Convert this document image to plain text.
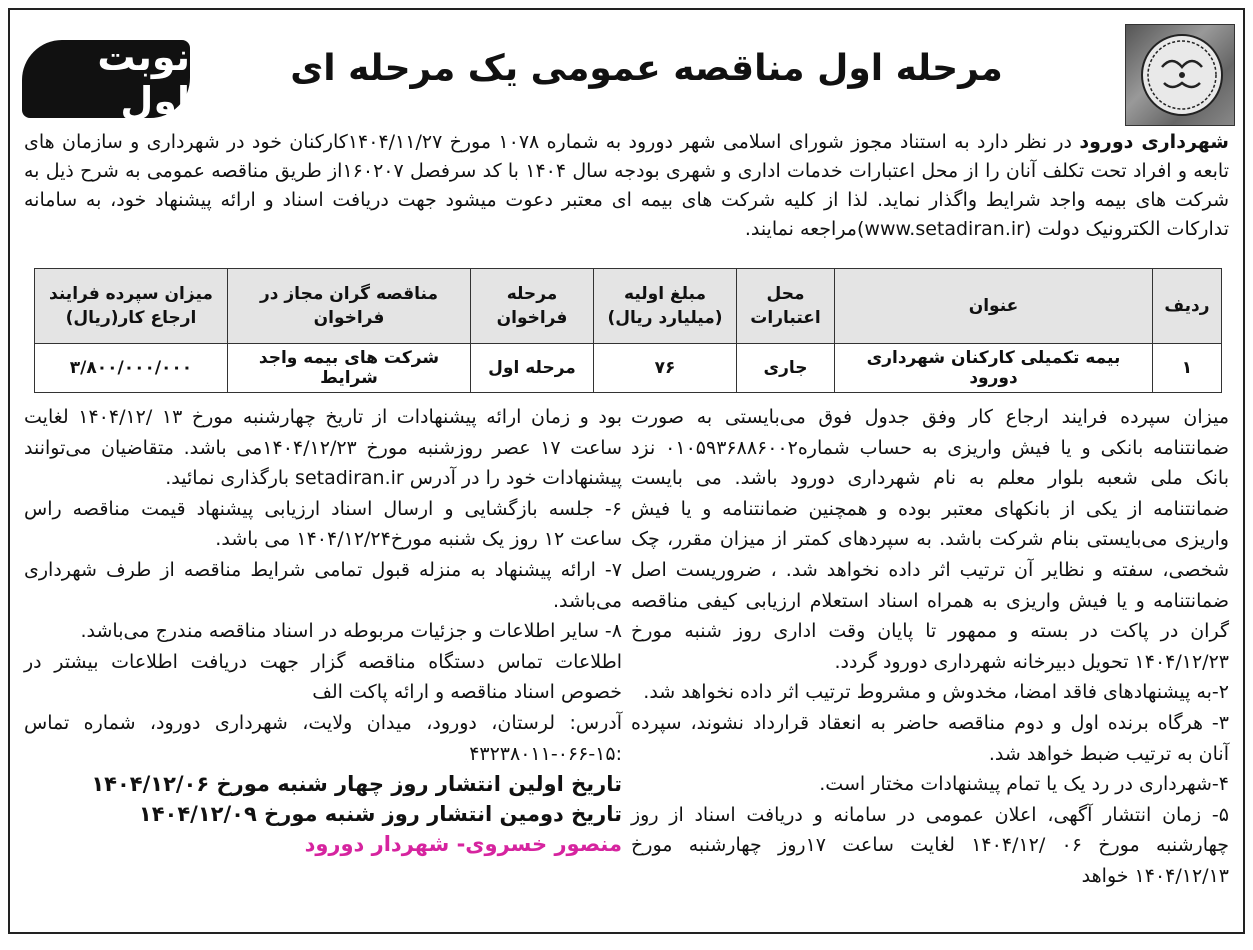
مرحله اول مناقصه عمومی یک مرحله ای
نوبت اول
شهرداری دورود در نظر دارد به استناد مجوز شورای اسلامی شهر دورود به شماره ۱۰۷۸ مورخ ۱۴۰۴/۱۱/۲۷کارکنان خود در شهرداری و سازمان های تابعه و افراد تحت تکلف آنان را از محل اعتبارات خدمات اداری و شهری بودجه سال ۱۴۰۴ با کد سرفصل ۱۶۰۲۰۷از طریق مناقصه عمومی به شرح ذیل به شرکت های بیمه واجد شرایط واگذار نماید. لذا از کلیه شرکت های بیمه ای معتبر دعوت میشود جهت دریافت اسناد و ارائه پیشنهاد خود، به سامانه تدارکات الکترونیک دولت (www.setadiran.ir)مراجعه نمایند.
ردیف	عنوان	محل اعتبارات	مبلغ اولیه (میلیارد ریال)	مرحله فراخوان	مناقصه گران مجاز در فراخوان	میزان سپرده فرایند ارجاع کار(ریال)
۱	بیمه تکمیلی کارکنان شهرداری دورود	جاری	۷۶	مرحله اول	شرکت های بیمه واجد شرایط	۳/۸۰۰/۰۰۰/۰۰۰

میزان سپرده فرایند ارجاع کار وفق جدول فوق می‌بایستی به صورت ضمانتنامه بانکی و یا فیش واریزی به حساب شماره۰۱۰۵۹۳۶۸۸۶۰۰۲ نزد بانک ملی شعبه بلوار معلم به نام شهرداری دورود باشد. می بایست ضمانتنامه از یکی از بانکهای معتبر بوده و همچنین ضمانتنامه و یا فیش واریزی می‌بایستی بنام شرکت باشد. به سپردهای کمتر از میزان مقرر، چک شخصی، سفته و نظایر آن ترتیب اثر داده نخواهد شد. ، ضروریست اصل ضمانتنامه و یا فیش واریزی به همراه اسناد استعلام ارزیابی کیفی مناقصه گران در پاکت در بسته و ممهور تا پایان وقت اداری روز شنبه مورخ ۱۴۰۴/۱۲/۲۳ تحویل دبیرخانه شهرداری دورود گردد.

۲-به پیشنهادهای فاقد امضا، مخدوش و مشروط ترتیب اثر داده نخواهد شد.

۳- هرگاه برنده اول و دوم مناقصه حاضر به انعقاد قرارداد نشوند، سپرده آنان به ترتیب ضبط خواهد شد.

۴-شهرداری در رد یک یا تمام پیشنهادات مختار است.

۵- زمان انتشار آگهی، اعلان عمومی در سامانه و دریافت اسناد از روز چهارشنبه مورخ ۰۶ /۱۴۰۴/۱۲ لغایت ساعت ۱۷روز چهارشنبه مورخ ۱۴۰۴/۱۲/۱۳ خواهد

بود و زمان ارائه پیشنهادات از تاریخ چهارشنبه مورخ ۱۳ /۱۴۰۴/۱۲ لغایت ساعت ۱۷ عصر روزشنبه مورخ ۱۴۰۴/۱۲/۲۳می باشد. متقاضیان می‌توانند پیشنهادات خود را در آدرس setadiran.ir بارگذاری نمائید.

۶- جلسه بازگشایی و ارسال اسناد ارزیابی پیشنهاد قیمت مناقصه راس ساعت ۱۲ روز یک شنبه مورخ۱۴۰۴/۱۲/۲۴ می باشد.

۷- ارائه پیشنهاد به منزله قبول تمامی شرایط مناقصه از طرف شهرداری می‌باشد.

۸- سایر اطلاعات و جزئیات مربوطه در اسناد مناقصه مندرج می‌باشد.

اطلاعات تماس دستگاه مناقصه گزار جهت دریافت اطلاعات بیشتر در خصوص اسناد مناقصه و ارائه پاکت الف

آدرس: لرستان، دورود، میدان ولایت، شهرداری دورود، شماره تماس :۱۵-۰۶۶-۴۳۲۳۸۰۱۱

تاریخ اولین انتشار روز چهار شنبه مورخ ۱۴۰۴/۱۲/۰۶

تاریخ دومین انتشار روز شنبه مورخ ۱۴۰۴/۱۲/۰۹

منصور خسروی- شهردار دورود
